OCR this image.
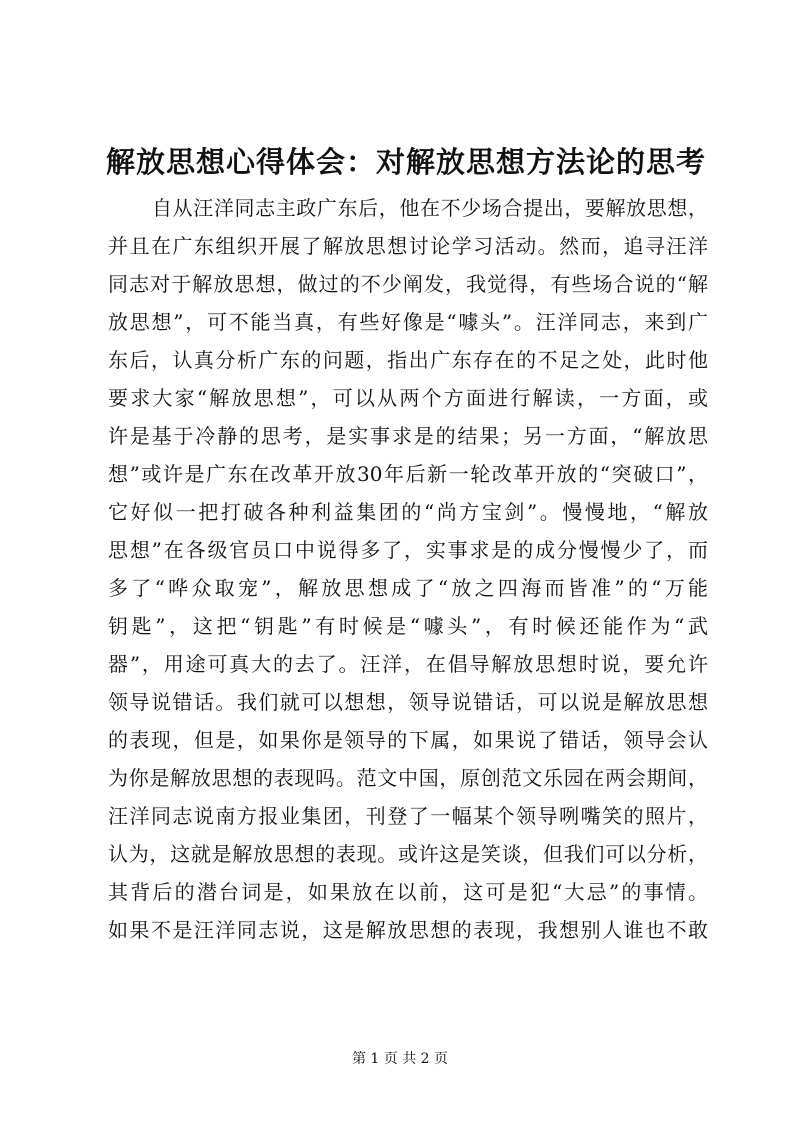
解放思想心得体会：对解放思想方法论的思考
自从汪洋同志主政广东后，他在不少场合提出，要解放思想，
并且在广东组织开展了解放思想讨论学习活动。然而，追寻汪洋
同志对于解放思想，做过的不少阐发，我觉得，有些场合说的“解
放思想”，可不能当真，有些好像是“噱头”。汪洋同志，来到广
东后，认真分析广东的问题，指出广东存在的不足之处，此时他
要求大家“解放思想”，可以从两个方面进行解读，一方面，或
许是基于冷静的思考，是实事求是的结果；另一方面，“解放思
想”或许是广东在改革开放30年后新一轮改革开放的“突破口”，
它好似一把打破各种利益集团的“尚方宝剑”。慢慢地，“解放
思想”在各级官员口中说得多了，实事求是的成分慢慢少了，而
多了“哗众取宠”，解放思想成了“放之四海而皆准”的“万能
钥匙”，这把“钥匙”有时候是“噱头”，有时候还能作为“武
器”，用途可真大的去了。汪洋，在倡导解放思想时说，要允许
领导说错话。我们就可以想想，领导说错话，可以说是解放思想
的表现，但是，如果你是领导的下属，如果说了错话，领导会认
为你是解放思想的表现吗。范文中国，原创范文乐园在两会期间，
汪洋同志说南方报业集团，刊登了一幅某个领导咧嘴笑的照片，
认为，这就是解放思想的表现。或许这是笑谈，但我们可以分析，
其背后的潜台词是，如果放在以前，这可是犯“大忌”的事情。
如果不是汪洋同志说，这是解放思想的表现，我想别人谁也不敢
第 1 页 共 2 页
